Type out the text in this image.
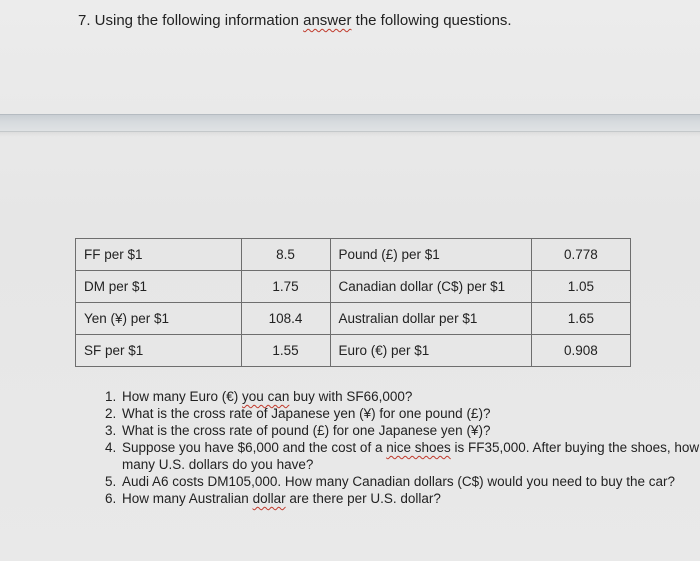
7. Using the following information answer the following questions.
FF per $1	8.5	Pound (£) per $1	0.778
DM per $1	1.75	Canadian dollar (C$) per $1	1.05
Yen (¥) per $1	108.4	Australian dollar per $1	1.65
SF per $1	1.55	Euro (€) per $1	0.908
1. How many Euro (€) you can buy with SF66,000?
2. What is the cross rate of Japanese yen (¥) for one pound (£)?
3. What is the cross rate of pound (£) for one Japanese yen (¥)?
4. Suppose you have $6,000 and the cost of a nice shoes is FF35,000. After buying the shoes, how many U.S. dollars do you have?
5. Audi A6 costs DM105,000. How many Canadian dollars (C$) would you need to buy the car?
6. How many Australian dollar are there per U.S. dollar?
